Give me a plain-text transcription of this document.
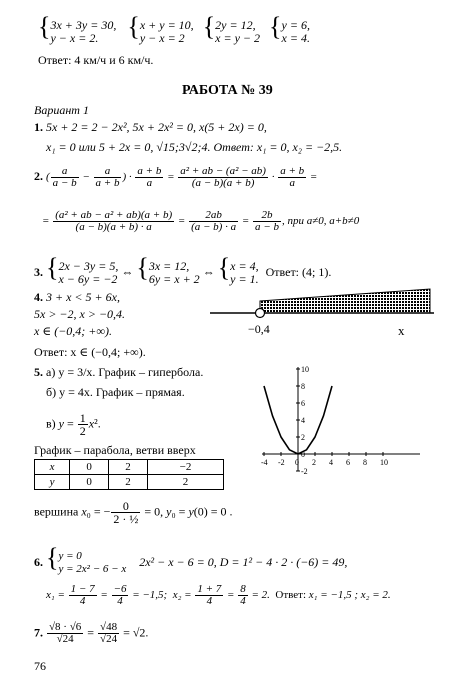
{3x + 3y = 30,
y − x = 2. {x + y = 10,
y − x = 2 {2y = 12,
x = y − 2 {y = 6,
x = 4.
Ответ: 4 км/ч и 6 км/ч.
РАБОТА № 39
Вариант 1
1. 5x + 2 = 2 − 2x², 5x + 2x² = 0, x(5 + 2x) = 0,
x₁ = 0 или 5 + 2x = 0, √15;3√2;4. Ответ: x₁ = 0, x₂ = −2,5.
2. ( $\frac{a}{a - b} - \frac{a}{a + b}$ ) · $\frac{a + b}{a} = \frac{\text{a² + ab − (a² − ab)}}{(a - b)(a + b)} \cdot \frac{a + b}{a}$ =
= $\frac{\text{(a² + ab − a² + ab)(a + b)}}{(a - b)(a + b) \cdot a} = \frac{2ab}{(a - b) \cdot a} = \frac{2b}{a - b}$ , при a≠0, a+b≠0
3. {2x − 3y = 5,
x − 6y = −2 ⇔ {3x = 12,
6y = x + 2 ⇔ {x = 4,
y = 1. Ответ: (4; 1).
4. 3 + x < 5 + 6x,
5x > −2, x > −0,4.
x ∈ (−0,4; +∞).
Ответ: x ∈ (−0,4; +∞).
−0,4	x
5. а) y = 3/x. График – гипербола.
б) y = 4x. График – прямая.
в) $y = \frac{1}{2} x^2$.
График – парабола, ветви вверх
x	0	2	−2
y	0	2	2
вершина x₀ = − $\frac{0}{\text{2 · ½}} = 0$, y₀ = y(0) = 0 .
-4 -2 0 2 4 6 8 10
10
8
6
4
2
0
-2
6. {y = 0
y = 2x² − 6 − x 2x² − x − 6 = 0, D = 1² − 4 · 2 · (−6) = 49,
$x_1 = \frac{1 - 7}{4} = \frac{-6}{4} = -1,5$;  $x_2 = \frac{1 + 7}{4} = \frac{8}{4} = 2$.  Ответ: x₁ = −1,5 ; x₂ = 2.
7. $\frac{√8 \cdot √6}{√24} = \frac{√48}{√24} = √2$.
76
